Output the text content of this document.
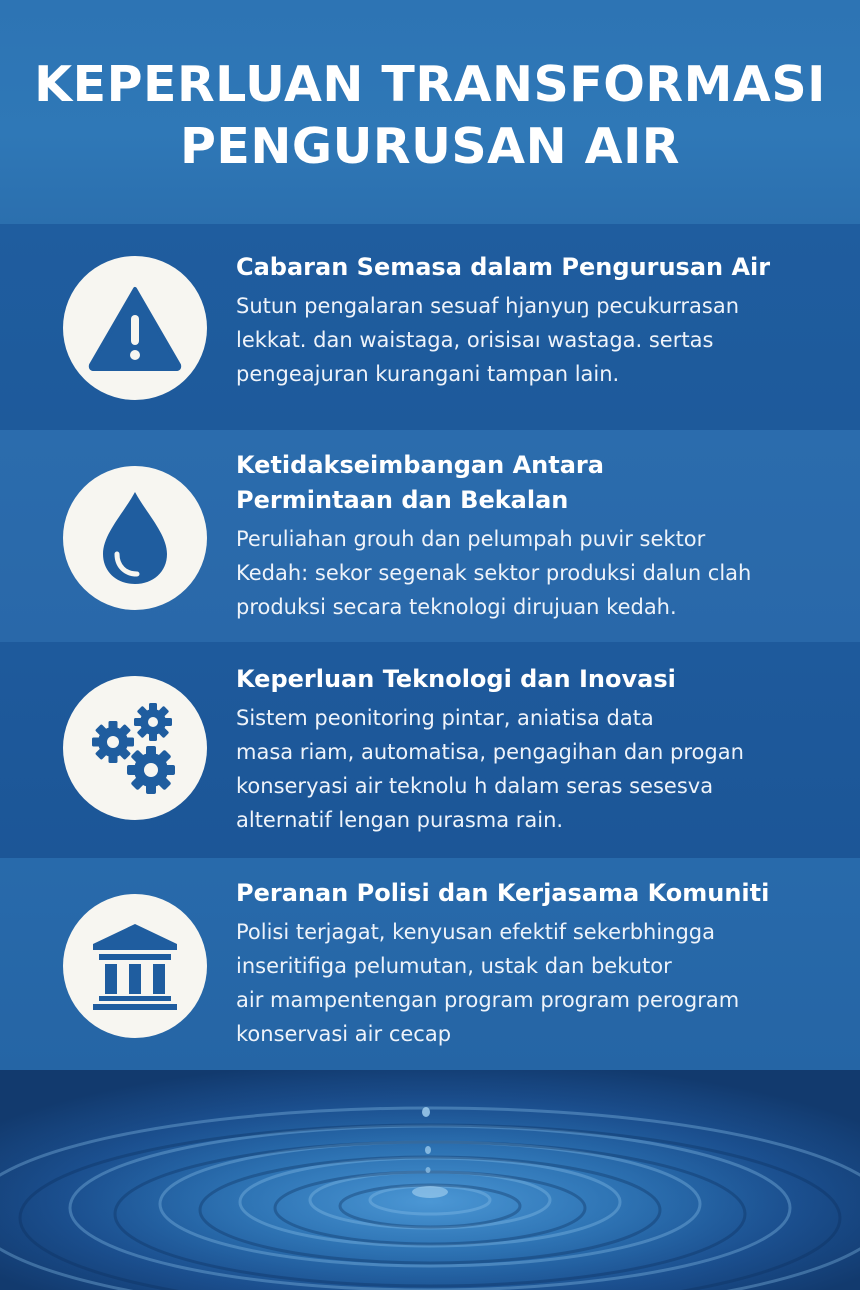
KEPERLUAN TRANSFORMASI
PENGURUSAN AIR
Cabaran Semasa dalam Pengurusan Air
Sutun pengalaran sesuaf hjanyuŋ pecukurrasan
lekkat. dan waistaga, orisisaı wastaga. sertas
pengeajuran kurangani tampan lain.
Ketidakseimbangan Antara
Permintaan dan Bekalan
Peruliahan grouh dan pelumpah puvir sektor
Kedah: sekor segenak sektor produksi dalun clah
produksi secara teknologi dirujuan kedah.
Keperluan Teknologi dan Inovasi
Sistem peonitoring pintar, aniatisa data
masa riam, automatisa, pengagihan dan progan
konseryasi air teknolu h dalam seras sesesva
alternatif lengan purasma rain.
Peranan Polisi dan Kerjasama Komuniti
Polisi terjagat, kenyusan efektif sekerbhingga
inseritifiga pelumutan, ustak dan bekutor
air mampentengan program program perogram
konservasi air cecap
